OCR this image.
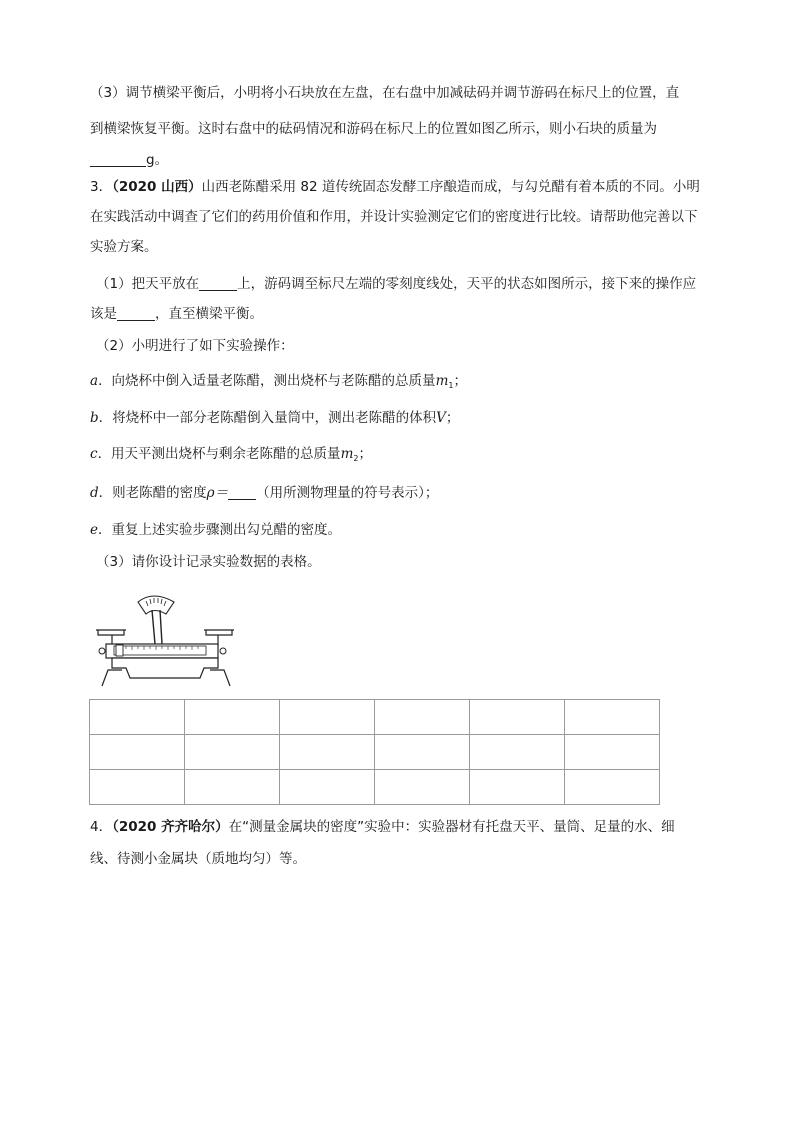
（3）调节横梁平衡后，小明将小石块放在左盘，在右盘中加减砝码并调节游码在标尺上的位置，直
到横梁恢复平衡。这时右盘中的砝码情况和游码在标尺上的位置如图乙所示，则小石块的质量为
g。
3．（2020 山西）山西老陈醋采用 82 道传统固态发酵工序酿造而成，与勾兑醋有着本质的不同。小明在实践活动中调查了它们的药用价值和作用，并设计实验测定它们的密度进行比较。请帮助他完善以下实验方案。
（1）把天平放在	上，游码调至标尺左端的零刻度线处，天平的状态如图所示，接下来的操作应
该是	，直至横梁平衡。
（2）小明进行了如下实验操作：
a．向烧杯中倒入适量老陈醋，测出烧杯与老陈醋的总质量$m_1$；
b．将烧杯中一部分老陈醋倒入量筒中，测出老陈醋的体积V；
c．用天平测出烧杯与剩余老陈醋的总质量$m_2$；
d．则老陈醋的密度ρ＝ （用所测物理量的符号表示）；
e．重复上述实验步骤测出勾兑醋的密度。
（3）请你设计记录实验数据的表格。

4．（2020 齐齐哈尔）在“测量金属块的密度”实验中：实验器材有托盘天平、量筒、足量的水、细
线、待测小金属块（质地均匀）等。
